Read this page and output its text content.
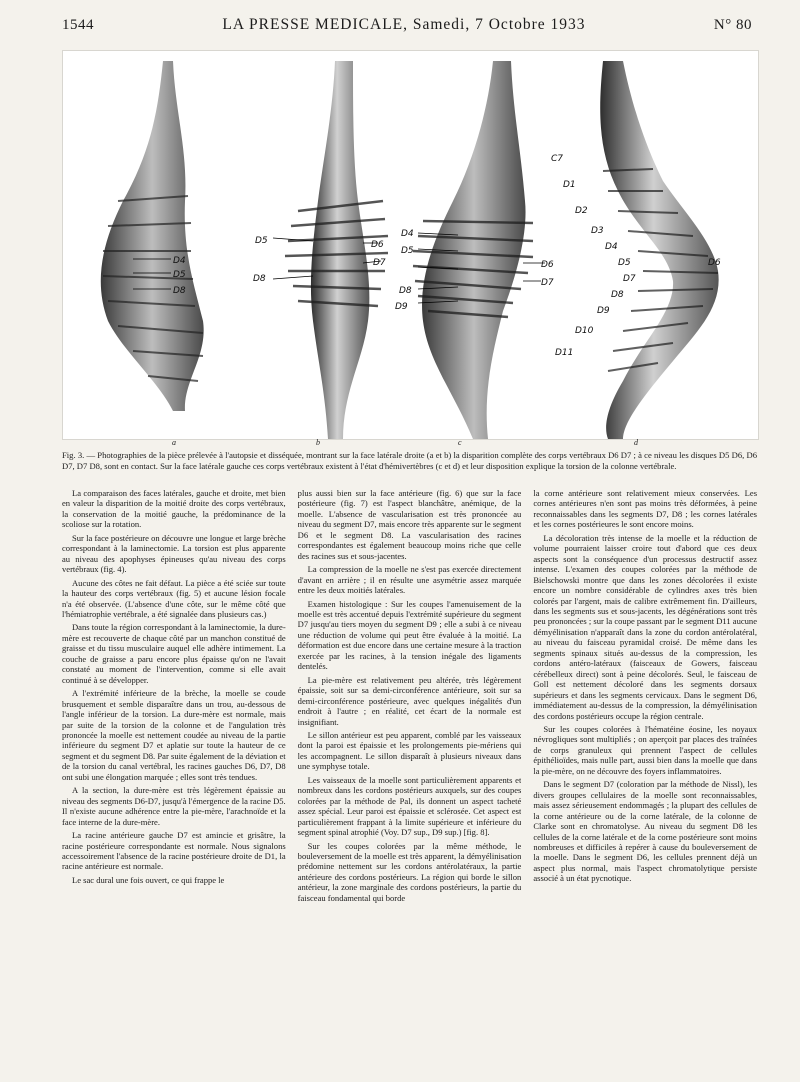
1544	LA PRESSE MEDICALE, Samedi, 7 Octobre 1933	N° 80
D4
D5
D8
D5	D6
D7
D8
D4
D5
D6
D7
D8
D9
C7
D1
D2
D3
D4
D5	D6
D7
D8
D9
D10
D11
a	b	c	d
Fig. 3. — Photographies de la pièce prélevée à l'autopsie et disséquée, montrant sur la face latérale droite (a et b) la disparition complète des corps vertébraux D6 D7 ; à ce niveau les disques D5 D6, D6 D7, D7 D8, sont en contact. Sur la face latérale gauche ces corps vertébraux existent à l'état d'hémivertèbres (c et d) et leur disposition explique la torsion de la colonne vertébrale.

La comparaison des faces latérales, gauche et droite, met bien en valeur la disparition de la moitié droite des corps vertébraux, la conservation de la moitié gauche, la prédominance de la scoliose sur la rotation.

Sur la face postérieure on découvre une longue et large brèche correspondant à la laminectomie. La torsion est plus apparente au niveau des apophyses épineuses qu'au niveau des corps vertébraux (fig. 4).

Aucune des côtes ne fait défaut. La pièce a été sciée sur toute la hauteur des corps vertébraux (fig. 5) et aucune lésion focale n'a été observée. (L'absence d'une côte, sur le même côté que l'hémiatrophie vertébrale, a été signalée dans plusieurs cas.)

Dans toute la région correspondant à la laminectomie, la dure-mère est recouverte de chaque côté par un manchon constitué de graisse et du tissu musculaire auquel elle adhère intimement. La couche de graisse a paru encore plus épaisse qu'on ne l'avait constaté au moment de l'intervention, comme si elle avait continué à se développer.

A l'extrémité inférieure de la brèche, la moelle se coude brusquement et semble disparaître dans un trou, au-dessous de l'angle inférieur de la torsion. La dure-mère est normale, mais par suite de la torsion de la colonne et de l'angulation très prononcée la moelle est nettement coudée au niveau de la partie inférieure du segment D7 et aplatie sur toute la hauteur de ce segment et du segment D8. Par suite également de la déviation et de la torsion du canal vertébral, les racines gauches D6, D7, D8 ont subi une élongation marquée ; elles sont très tendues.

A la section, la dure-mère est très légèrement épaissie au niveau des segments D6-D7, jusqu'à l'émergence de la racine D5. Il n'existe aucune adhérence entre la pie-mère, l'arachnoïde et la face interne de la dure-mère.

La racine antérieure gauche D7 est amincie et grisâtre, la racine postérieure correspondante est normale. Nous signalons accessoirement l'absence de la racine postérieure droite de D1, la racine antérieure est normale.

Le sac dural une fois ouvert, ce qui frappe le

plus aussi bien sur la face antérieure (fig. 6) que sur la face postérieure (fig. 7) est l'aspect blanchâtre, anémique, de la moelle. L'absence de vascularisation est très prononcée au niveau du segment D7, mais encore très apparente sur le segment D6 et le segment D8. La vascularisation des racines correspondantes est également beaucoup moins riche que celle des racines sus et sous-jacentes.

La compression de la moelle ne s'est pas exercée directement d'avant en arrière ; il en résulte une asymétrie assez marquée entre les deux moitiés latérales.

Examen histologique : Sur les coupes l'amenuisement de la moelle est très accentué depuis l'extrémité supérieure du segment D7 jusqu'au tiers moyen du segment D9 ; elle a subi à ce niveau une réduction de volume qui peut être évaluée à la moitié. La déformation est due encore dans une certaine mesure à la traction exercée par les racines, à la tension inégale des ligaments dentelés.

La pie-mère est relativement peu altérée, très légèrement épaissie, soit sur sa demi-circonférence antérieure, soit sur sa demi-circonférence postérieure, avec quelques inégalités d'un endroit à l'autre ; en réalité, cet écart de la normale est insignifiant.

Le sillon antérieur est peu apparent, comblé par les vaisseaux dont la paroi est épaissie et les prolongements pie-mériens qui les accompagnent. Le sillon disparaît à plusieurs niveaux dans une symphyse totale.

Les vaisseaux de la moelle sont particulièrement apparents et nombreux dans les cordons postérieurs auxquels, sur des coupes colorées par la méthode de Pal, ils donnent un aspect tacheté assez spécial. Leur paroi est épaissie et sclérosée. Cet aspect est particulièrement frappant à la limite supérieure et inférieure du segment spinal atrophié (Voy. D7 sup., D9 sup.) [fig. 8].

Sur les coupes colorées par la même méthode, le bouleversement de la moelle est très apparent, la démyélinisation prédomine nettement sur les cordons antérolatéraux, la partie antérieure des cordons postérieurs. La région qui borde le sillon antérieur, la zone marginale des cordons postérieurs, la partie du faisceau fondamental qui borde

la corne antérieure sont relativement mieux conservées. Les cornes antérieures n'en sont pas moins très déformées, à peine reconnaissables dans les segments D7, D8 ; les cornes latérales et les cornes postérieures le sont encore moins.

La décoloration très intense de la moelle et la réduction de volume pourraient laisser croire tout d'abord que ces deux aspects sont la conséquence d'un processus destructif assez intense. L'examen des coupes colorées par la méthode de Bielschowski montre que dans les zones décolorées il existe encore un nombre considérable de cylindres axes très bien colorés par l'argent, mais de calibre extrêmement fin. D'ailleurs, dans les segments sus et sous-jacents, les dégénérations sont très peu prononcées ; sur la coupe passant par le segment D11 aucune démyélinisation n'apparaît dans la zone du cordon antérolatéral, au niveau du faisceau pyramidal croisé. De même dans les segments spinaux situés au-dessus de la compression, les cordons antéro-latéraux (faisceaux de Gowers, faisceau cérébelleux direct) sont à peine décolorés. Seul, le faisceau de Goll est nettement décoloré dans les segments dorsaux supérieurs et dans les segments cervicaux. Dans le segment D6, immédiatement au-dessus de la compression, la démyélinisation des cordons postérieurs occupe la région centrale.

Sur les coupes colorées à l'hématéine éosine, les noyaux névrogliques sont multipliés ; on aperçoit par places des traînées de corps granuleux qui prennent l'aspect de cellules épithélioïdes, mais nulle part, aussi bien dans la moelle que dans la pie-mère, on ne découvre des foyers inflammatoires.

Dans le segment D7 (coloration par la méthode de Nissl), les divers groupes cellulaires de la moelle sont reconnaissables, mais assez sérieusement endommagés ; la plupart des cellules de la corne antérieure ou de la corne latérale, de la colonne de Clarke sont en chromatolyse. Au niveau du segment D8 les cellules de la corne latérale et de la corne postérieure sont moins nombreuses et difficiles à repérer à cause du bouleversement de la moelle. Dans le segment D6, les cellules prennent déjà un aspect plus normal, mais l'aspect chromatolytique persiste associé à un état pycnotique.
